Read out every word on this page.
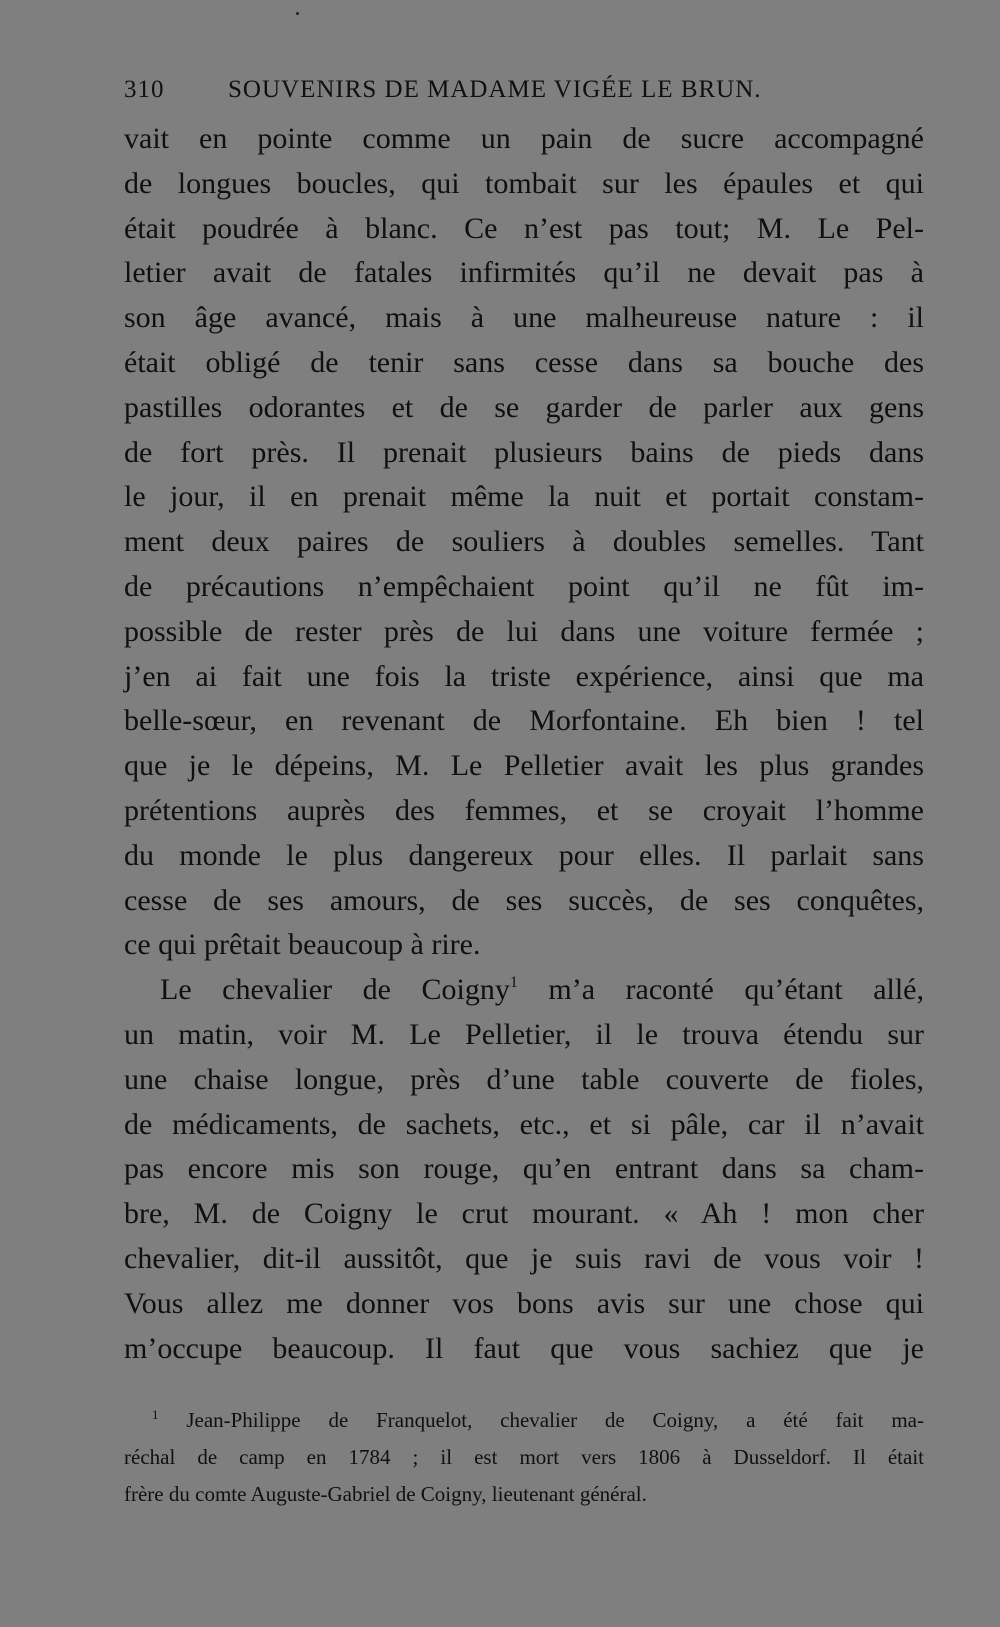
310	SOUVENIRS DE MADAME VIGÉE LE BRUN.
vait en pointe comme un pain de sucre accompagné
de longues boucles, qui tombait sur les épaules et qui
était poudrée à blanc. Ce n’est pas tout; M. Le Pel-
letier avait de fatales infirmités qu’il ne devait pas à
son âge avancé, mais à une malheureuse nature : il
était obligé de tenir sans cesse dans sa bouche des
pastilles odorantes et de se garder de parler aux gens
de fort près. Il prenait plusieurs bains de pieds dans
le jour, il en prenait même la nuit et portait constam-
ment deux paires de souliers à doubles semelles. Tant
de précautions n’empêchaient point qu’il ne fût im-
possible de rester près de lui dans une voiture fermée ;
j’en ai fait une fois la triste expérience, ainsi que ma
belle-sœur, en revenant de Morfontaine. Eh bien ! tel
que je le dépeins, M. Le Pelletier avait les plus grandes
prétentions auprès des femmes, et se croyait l’homme
du monde le plus dangereux pour elles. Il parlait sans
cesse de ses amours, de ses succès, de ses conquêtes,
ce qui prêtait beaucoup à rire.
Le chevalier de Coigny$^1$ m’a raconté qu’étant allé,
un matin, voir M. Le Pelletier, il le trouva étendu sur
une chaise longue, près d’une table couverte de fioles,
de médicaments, de sachets, etc., et si pâle, car il n’avait
pas encore mis son rouge, qu’en entrant dans sa cham-
bre, M. de Coigny le crut mourant. « Ah ! mon cher
chevalier, dit-il aussitôt, que je suis ravi de vous voir !
Vous allez me donner vos bons avis sur une chose qui
m’occupe beaucoup. Il faut que vous sachiez que je
$^1$ Jean-Philippe de Franquelot, chevalier de Coigny, a été fait ma-
réchal de camp en 1784 ; il est mort vers 1806 à Dusseldorf. Il était
frère du comte Auguste-Gabriel de Coigny, lieutenant général.
